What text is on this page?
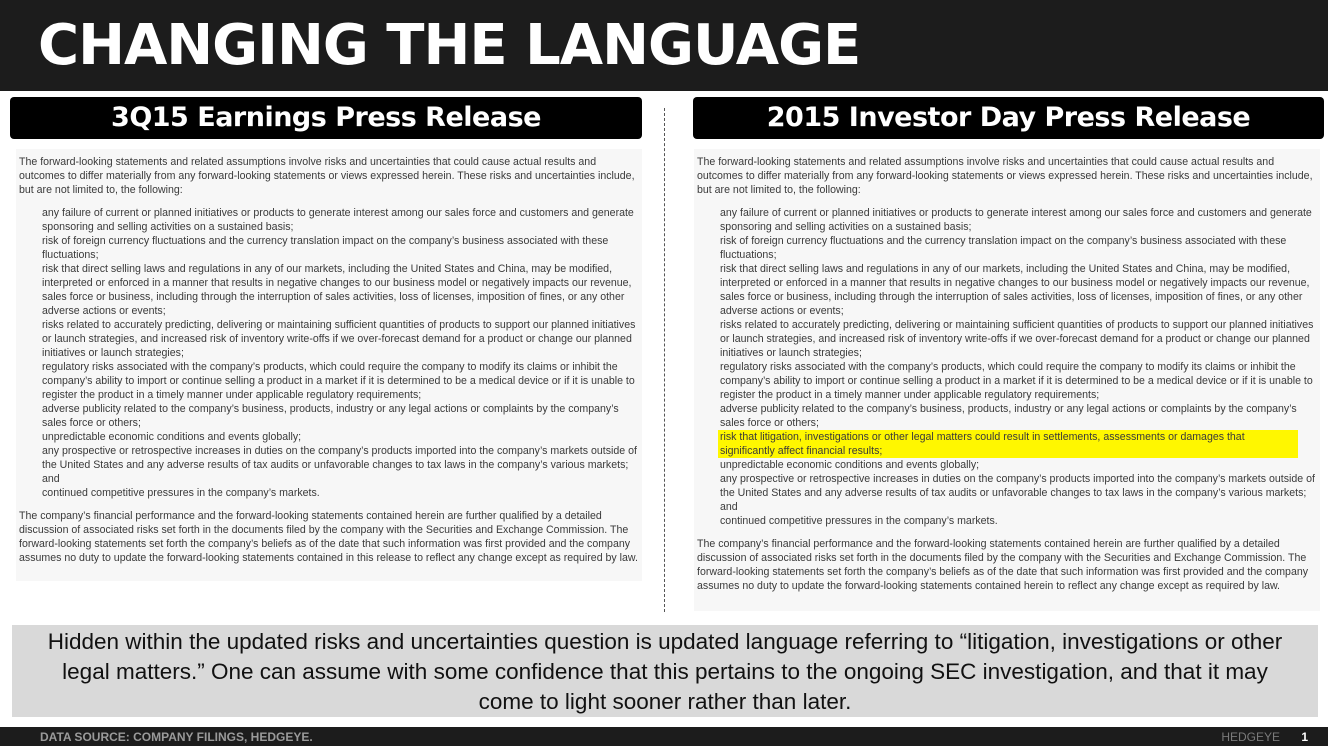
CHANGING THE LANGUAGE
3Q15 Earnings Press Release	2015 Investor Day Press Release

The forward-looking statements and related assumptions involve risks and uncertainties that could cause actual results and outcomes to differ materially from any forward-looking statements or views expressed herein. These risks and uncertainties include, but are not limited to, the following:

any failure of current or planned initiatives or products to generate interest among our sales force and customers and generate sponsoring and selling activities on a sustained basis;
risk of foreign currency fluctuations and the currency translation impact on the company’s business associated with these fluctuations;
risk that direct selling laws and regulations in any of our markets, including the United States and China, may be modified, interpreted or enforced in a manner that results in negative changes to our business model or negatively impacts our revenue, sales force or business, including through the interruption of sales activities, loss of licenses, imposition of fines, or any other adverse actions or events;
risks related to accurately predicting, delivering or maintaining sufficient quantities of products to support our planned initiatives or launch strategies, and increased risk of inventory write-offs if we over-forecast demand for a product or change our planned initiatives or launch strategies;
regulatory risks associated with the company’s products, which could require the company to modify its claims or inhibit the company’s ability to import or continue selling a product in a market if it is determined to be a medical device or if it is unable to register the product in a timely manner under applicable regulatory requirements;
adverse publicity related to the company’s business, products, industry or any legal actions or complaints by the company’s sales force or others;
unpredictable economic conditions and events globally;
any prospective or retrospective increases in duties on the company’s products imported into the company’s markets outside of the United States and any adverse results of tax audits or unfavorable changes to tax laws in the company’s various markets; and
continued competitive pressures in the company’s markets.

The company’s financial performance and the forward-looking statements contained herein are further qualified by a detailed discussion of associated risks set forth in the documents filed by the company with the Securities and Exchange Commission. The forward-looking statements set forth the company’s beliefs as of the date that such information was first provided and the company assumes no duty to update the forward-looking statements contained in this release to reflect any change except as required by law.

The forward-looking statements and related assumptions involve risks and uncertainties that could cause actual results and outcomes to differ materially from any forward-looking statements or views expressed herein. These risks and uncertainties include, but are not limited to, the following:

any failure of current or planned initiatives or products to generate interest among our sales force and customers and generate sponsoring and selling activities on a sustained basis;
risk of foreign currency fluctuations and the currency translation impact on the company’s business associated with these fluctuations;
risk that direct selling laws and regulations in any of our markets, including the United States and China, may be modified, interpreted or enforced in a manner that results in negative changes to our business model or negatively impacts our revenue, sales force or business, including through the interruption of sales activities, loss of licenses, imposition of fines, or any other adverse actions or events;
risks related to accurately predicting, delivering or maintaining sufficient quantities of products to support our planned initiatives or launch strategies, and increased risk of inventory write-offs if we over-forecast demand for a product or change our planned initiatives or launch strategies;
regulatory risks associated with the company’s products, which could require the company to modify its claims or inhibit the company’s ability to import or continue selling a product in a market if it is determined to be a medical device or if it is unable to register the product in a timely manner under applicable regulatory requirements;
adverse publicity related to the company’s business, products, industry or any legal actions or complaints by the company’s sales force or others;
risk that litigation, investigations or other legal matters could result in settlements, assessments or damages that significantly affect financial results;
unpredictable economic conditions and events globally;
any prospective or retrospective increases in duties on the company’s products imported into the company’s markets outside of the United States and any adverse results of tax audits or unfavorable changes to tax laws in the company’s various markets; and
continued competitive pressures in the company’s markets.

The company’s financial performance and the forward-looking statements contained herein are further qualified by a detailed discussion of associated risks set forth in the documents filed by the company with the Securities and Exchange Commission. The forward-looking statements set forth the company’s beliefs as of the date that such information was first provided and the company assumes no duty to update the forward-looking statements contained herein to reflect any change except as required by law.

Hidden within the updated risks and uncertainties question is updated language referring to “litigation, investigations or other legal matters.” One can assume with some confidence that this pertains to the ongoing SEC investigation, and that it may come to light sooner rather than later.
DATA SOURCE: COMPANY FILINGS, HEDGEYE.	HEDGEYE 1
